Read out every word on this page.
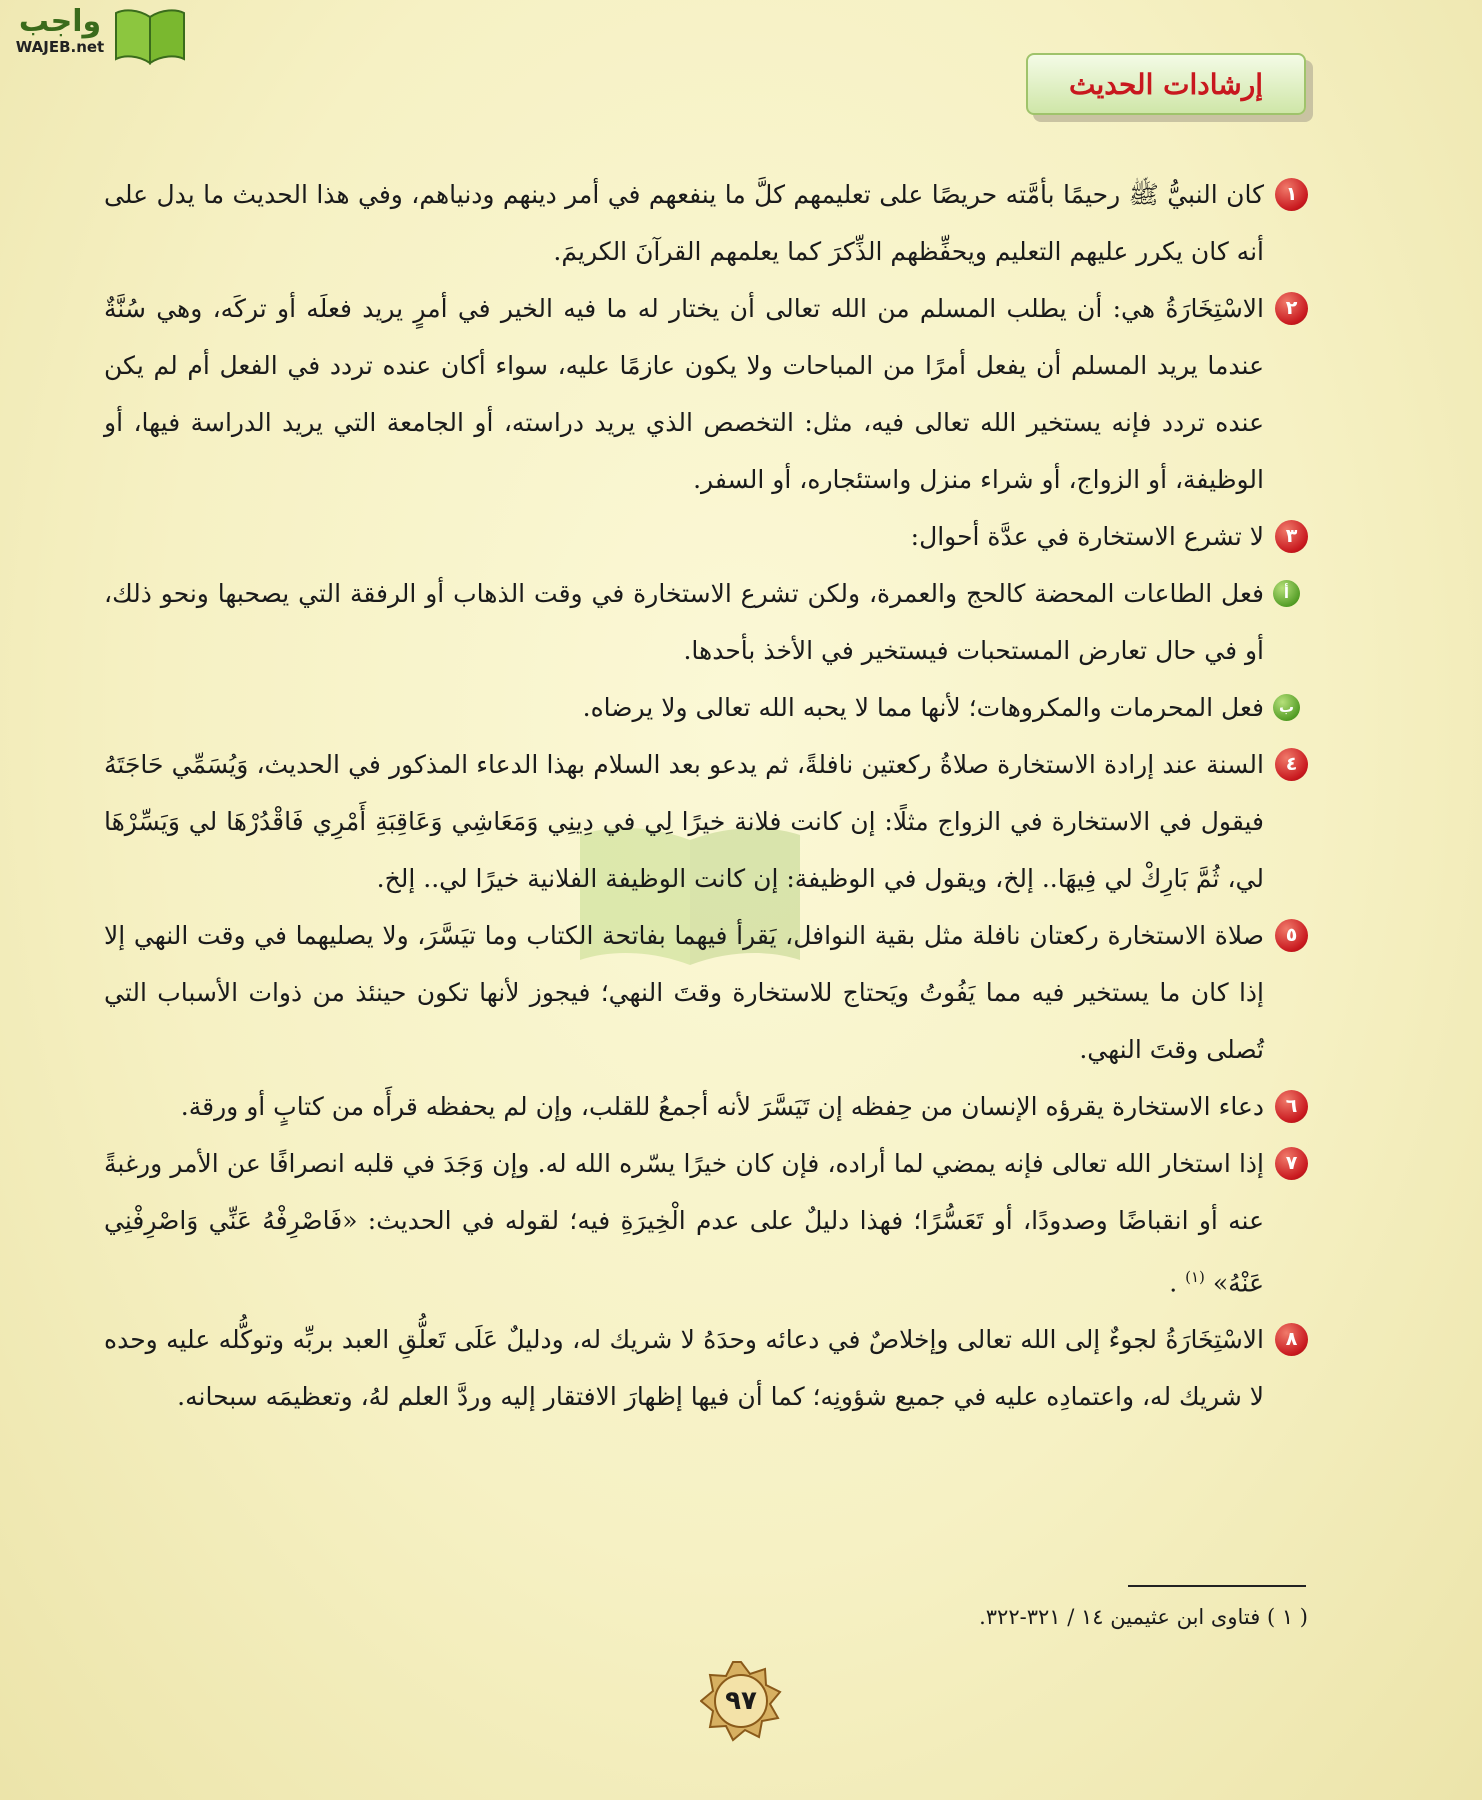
واجب
WAJEB.net
إرشادات الحديث
١
كان النبيُّ ﷺ رحيمًا بأمَّته حريصًا على تعليمهم كلَّ ما ينفعهم في أمر دينهم ودنياهم، وفي هذا الحديث ما يدل على أنه كان يكرر عليهم التعليم ويحفِّظهم الذِّكرَ كما يعلمهم القرآنَ الكريمَ.
٢
الاسْتِخَارَةُ هي: أن يطلب المسلم من الله تعالى أن يختار له ما فيه الخير في أمرٍ يريد فعلَه أو تركَه، وهي سُنَّةٌ عندما يريد المسلم أن يفعل أمرًا من المباحات ولا يكون عازمًا عليه، سواء أكان عنده تردد في الفعل أم لم يكن عنده تردد فإنه يستخير الله تعالى فيه، مثل: التخصص الذي يريد دراسته، أو الجامعة التي يريد الدراسة فيها، أو الوظيفة، أو الزواج، أو شراء منزل واستئجاره، أو السفر.
٣
لا تشرع الاستخارة في عدَّة أحوال:
أ
فعل الطاعات المحضة كالحج والعمرة، ولكن تشرع الاستخارة في وقت الذهاب أو الرفقة التي يصحبها ونحو ذلك، أو في حال تعارض المستحبات فيستخير في الأخذ بأحدها.
ب
فعل المحرمات والمكروهات؛ لأنها مما لا يحبه الله تعالى ولا يرضاه.
٤
السنة عند إرادة الاستخارة صلاةُ ركعتين نافلةً، ثم يدعو بعد السلام بهذا الدعاء المذكور في الحديث، وَيُسَمِّي حَاجَتَهُ فيقول في الاستخارة في الزواج مثلًا: إن كانت فلانة خيرًا لِي في دِينِي وَمَعَاشِي وَعَاقِبَةِ أَمْرِي فَاقْدُرْهَا لي وَيَسِّرْهَا لي، ثُمَّ بَارِكْ لي فِيهَا.. إلخ، ويقول في الوظيفة: إن كانت الوظيفة الفلانية خيرًا لي.. إلخ.
٥
صلاة الاستخارة ركعتان نافلة مثل بقية النوافل، يَقرأ فيهما بفاتحة الكتاب وما تيَسَّرَ، ولا يصليهما في وقت النهي إلا إذا كان ما يستخير فيه مما يَفُوتُ ويَحتاج للاستخارة وقتَ النهي؛ فيجوز لأنها تكون حينئذ من ذوات الأسباب التي تُصلى وقتَ النهي.
٦
دعاء الاستخارة يقرؤه الإنسان من حِفظه إن تَيَسَّرَ لأنه أجمعُ للقلب، وإن لم يحفظه قرأَه من كتابٍ أو ورقة.
٧
إذا استخار الله تعالى فإنه يمضي لما أراده، فإن كان خيرًا يسّره الله له. وإن وَجَدَ في قلبه انصرافًا عن الأمر ورغبةً عنه أو انقباضًا وصدودًا، أو تَعَسُّرًا؛ فهذا دليلٌ على عدم الْخِيرَةِ فيه؛ لقوله في الحديث: «فَاصْرِفْهُ عَنِّي وَاصْرِفْنِي عَنْهُ» $^{(١)}$ .
٨
الاسْتِخَارَةُ لجوءٌ إلى الله تعالى وإخلاصٌ في دعائه وحدَهُ لا شريك له، ودليلٌ عَلَى تَعلُّقِ العبد بربِّه وتوكُّله عليه وحده لا شريك له، واعتمادِه عليه في جميع شؤونِه؛ كما أن فيها إظهارَ الافتقار إليه وردَّ العلم لهُ، وتعظيمَه سبحانه.
( ١ ) فتاوى ابن عثيمين ١٤ / ٣٢١-٣٢٢.
٩٧
